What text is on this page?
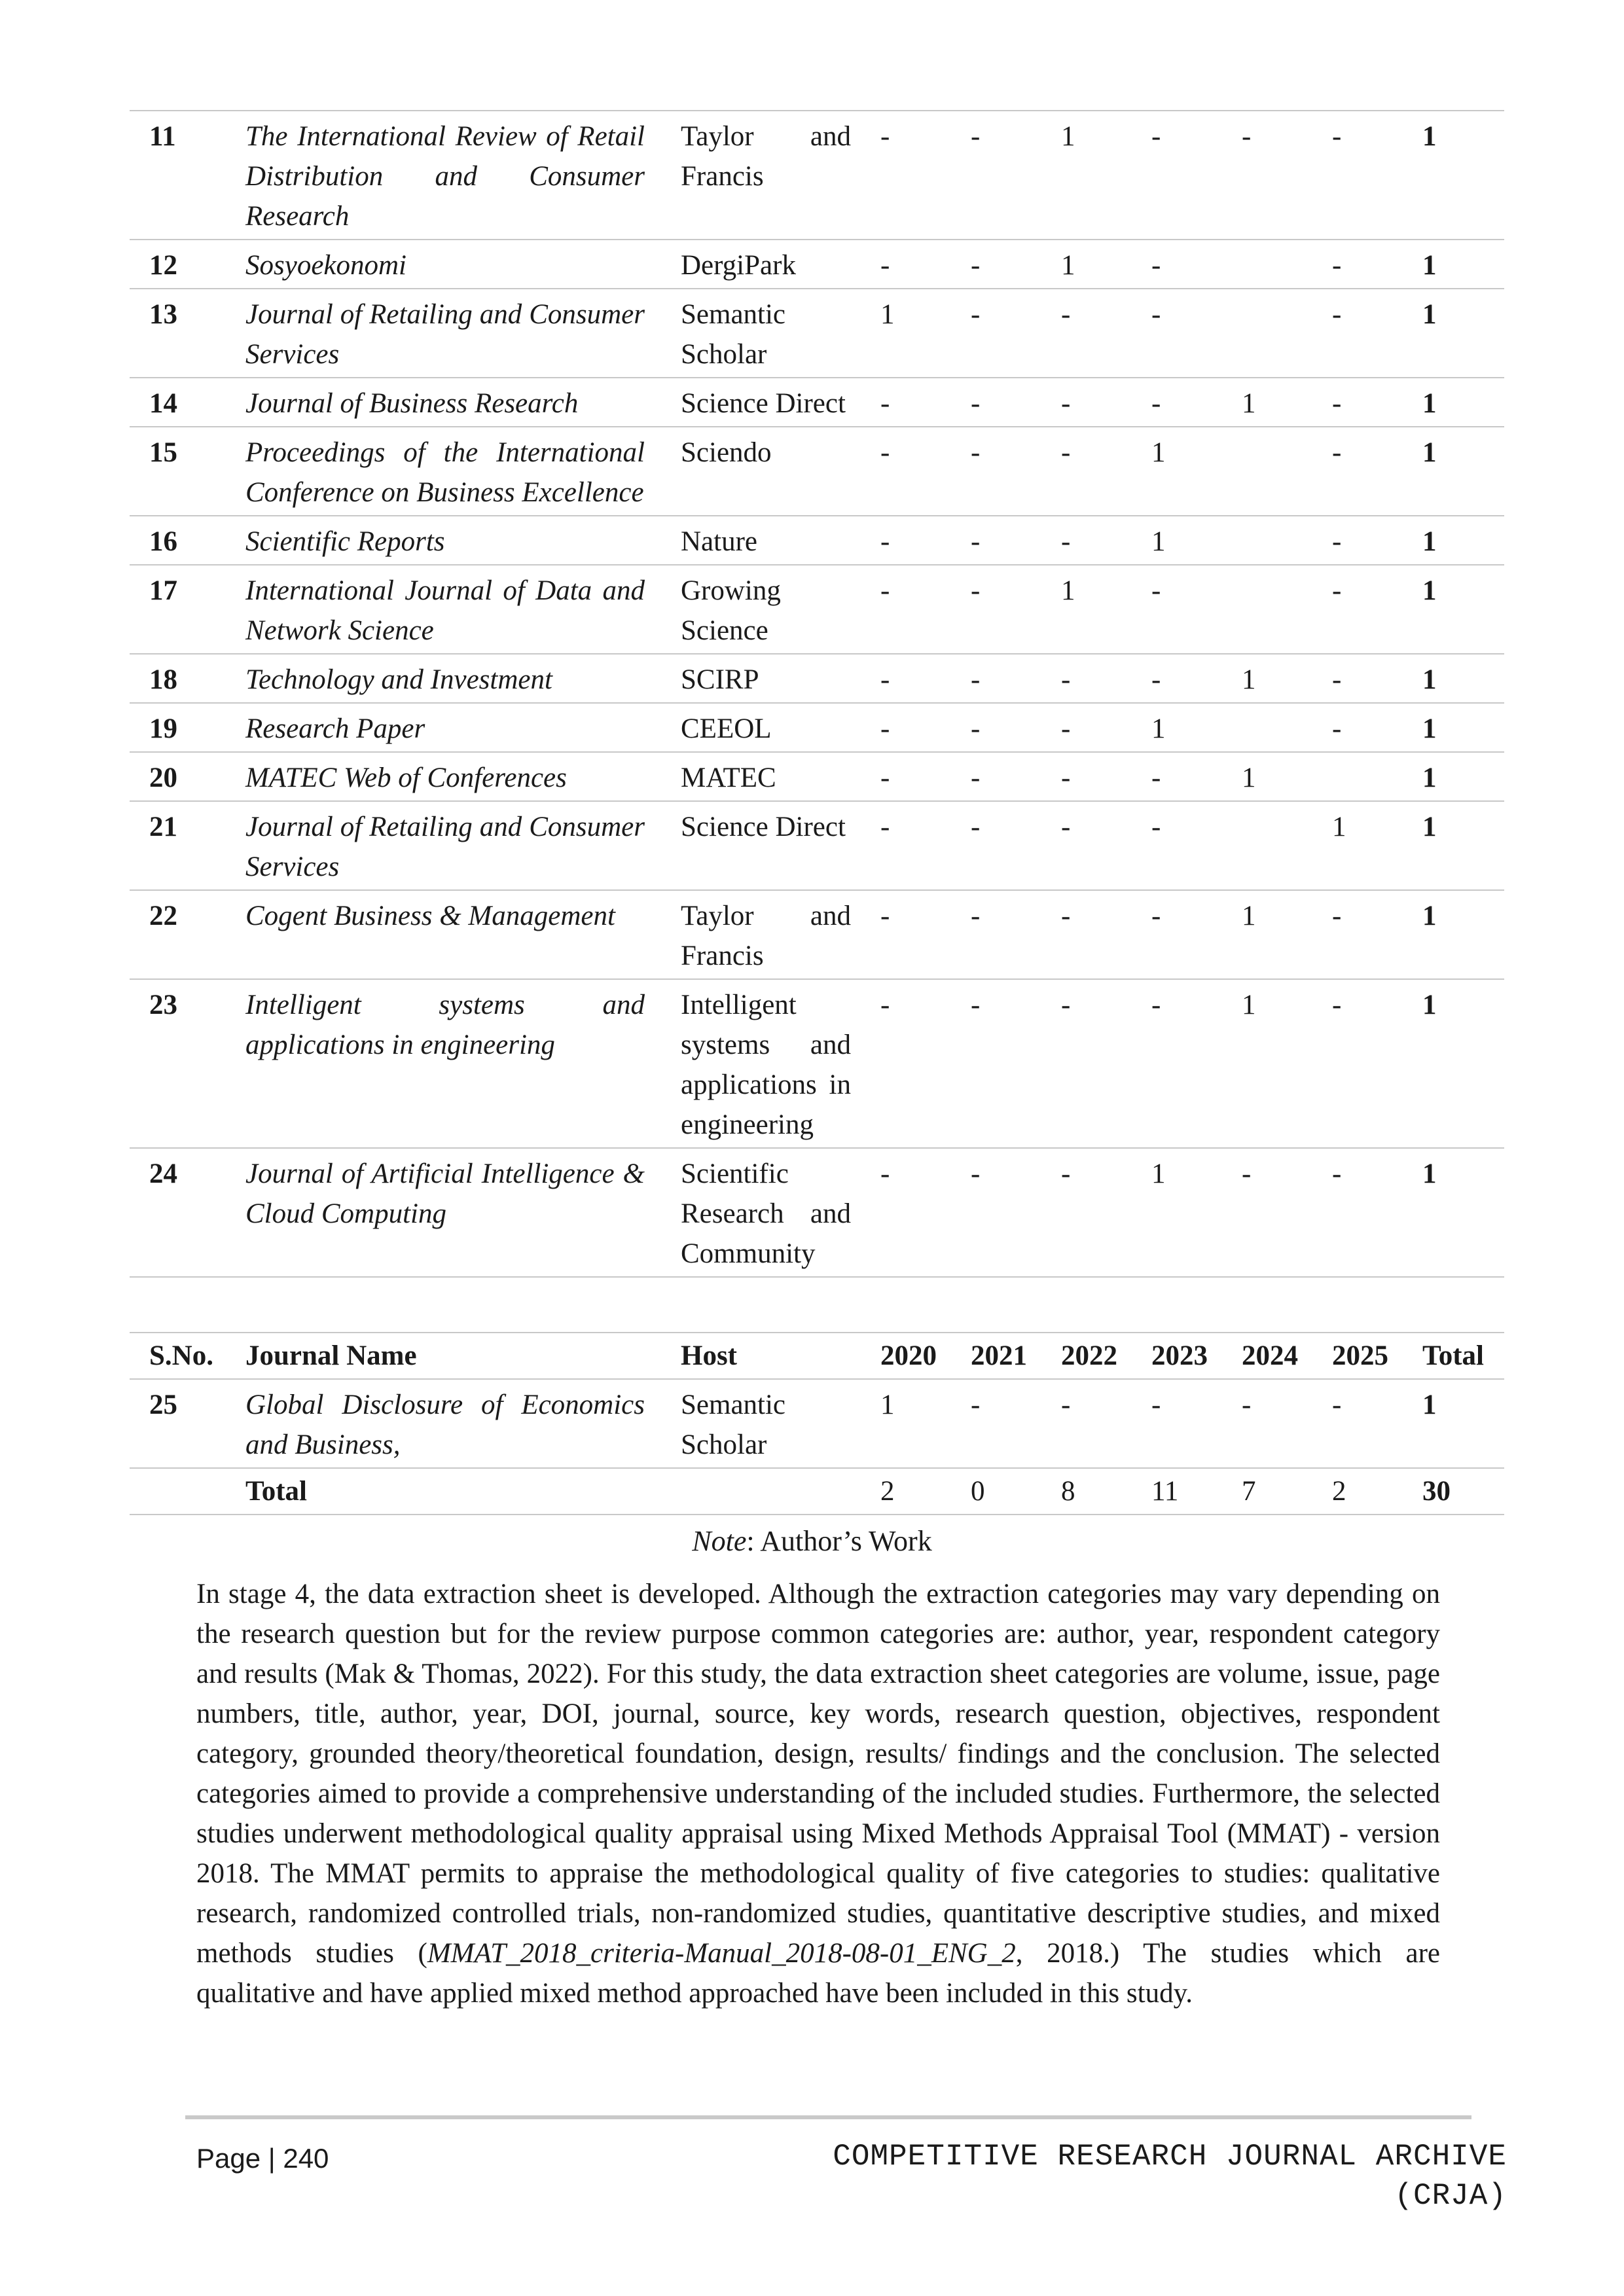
11	The International Review of Retail Distribution and Consumer Research	Taylor and Francis	-	-	1	-	-	-	1
12	Sosyoekonomi	DergiPark	-	-	1	-		-	1
13	Journal of Retailing and Consumer Services	Semantic Scholar	1	-	-	-		-	1
14	Journal of Business Research	Science Direct	-	-	-	-	1	-	1
15	Proceedings of the International Conference on Business Excellence	Sciendo	-	-	-	1		-	1
16	Scientific Reports	Nature	-	-	-	1		-	1
17	International Journal of Data and Network Science	Growing Science	-	-	1	-		-	1
18	Technology and Investment	SCIRP	-	-	-	-	1	-	1
19	Research Paper	CEEOL	-	-	-	1		-	1
20	MATEC Web of Conferences	MATEC	-	-	-	-	1		1
21	Journal of Retailing and Consumer Services	Science Direct	-	-	-	-		1	1
22	Cogent Business & Management	Taylor and Francis	-	-	-	-	1	-	1
23	Intelligent systems and applications in engineering	Intelligent systems and applications in engineering	-	-	-	-	1	-	1
24	Journal of Artificial Intelligence & Cloud Computing	Scientific Research and Community	-	-	-	1	-	-	1
S.No.	Journal Name	Host	2020	2021	2022	2023	2024	2025	Total
25	Global Disclosure of Economics and Business,	Semantic Scholar	1	-	-	-	-	-	1
	Total		2	0	8	11	7	2	30
Note: Author’s Work

In stage 4, the data extraction sheet is developed. Although the extraction categories may vary depending on the research question but for the review purpose common categories are: author, year, respondent category and results (Mak & Thomas, 2022). For this study, the data extraction sheet categories are volume, issue, page numbers, title, author, year, DOI, journal, source, key words, research question, objectives, respondent category, grounded theory/theoretical foundation, design, results/ findings and the conclusion. The selected categories aimed to provide a comprehensive understanding of the included studies. Furthermore, the selected studies underwent methodological quality appraisal using Mixed Methods Appraisal Tool (MMAT) - version 2018. The MMAT permits to appraise the methodological quality of five categories to studies: qualitative research, randomized controlled trials, non-randomized studies, quantitative descriptive studies, and mixed methods studies (MMAT_2018_criteria-Manual_2018-08-01_ENG_2, 2018.) The studies which are qualitative and have applied mixed method approached have been included in this study.

Page | 240	COMPETITIVE RESEARCH JOURNAL ARCHIVE (CRJA)
